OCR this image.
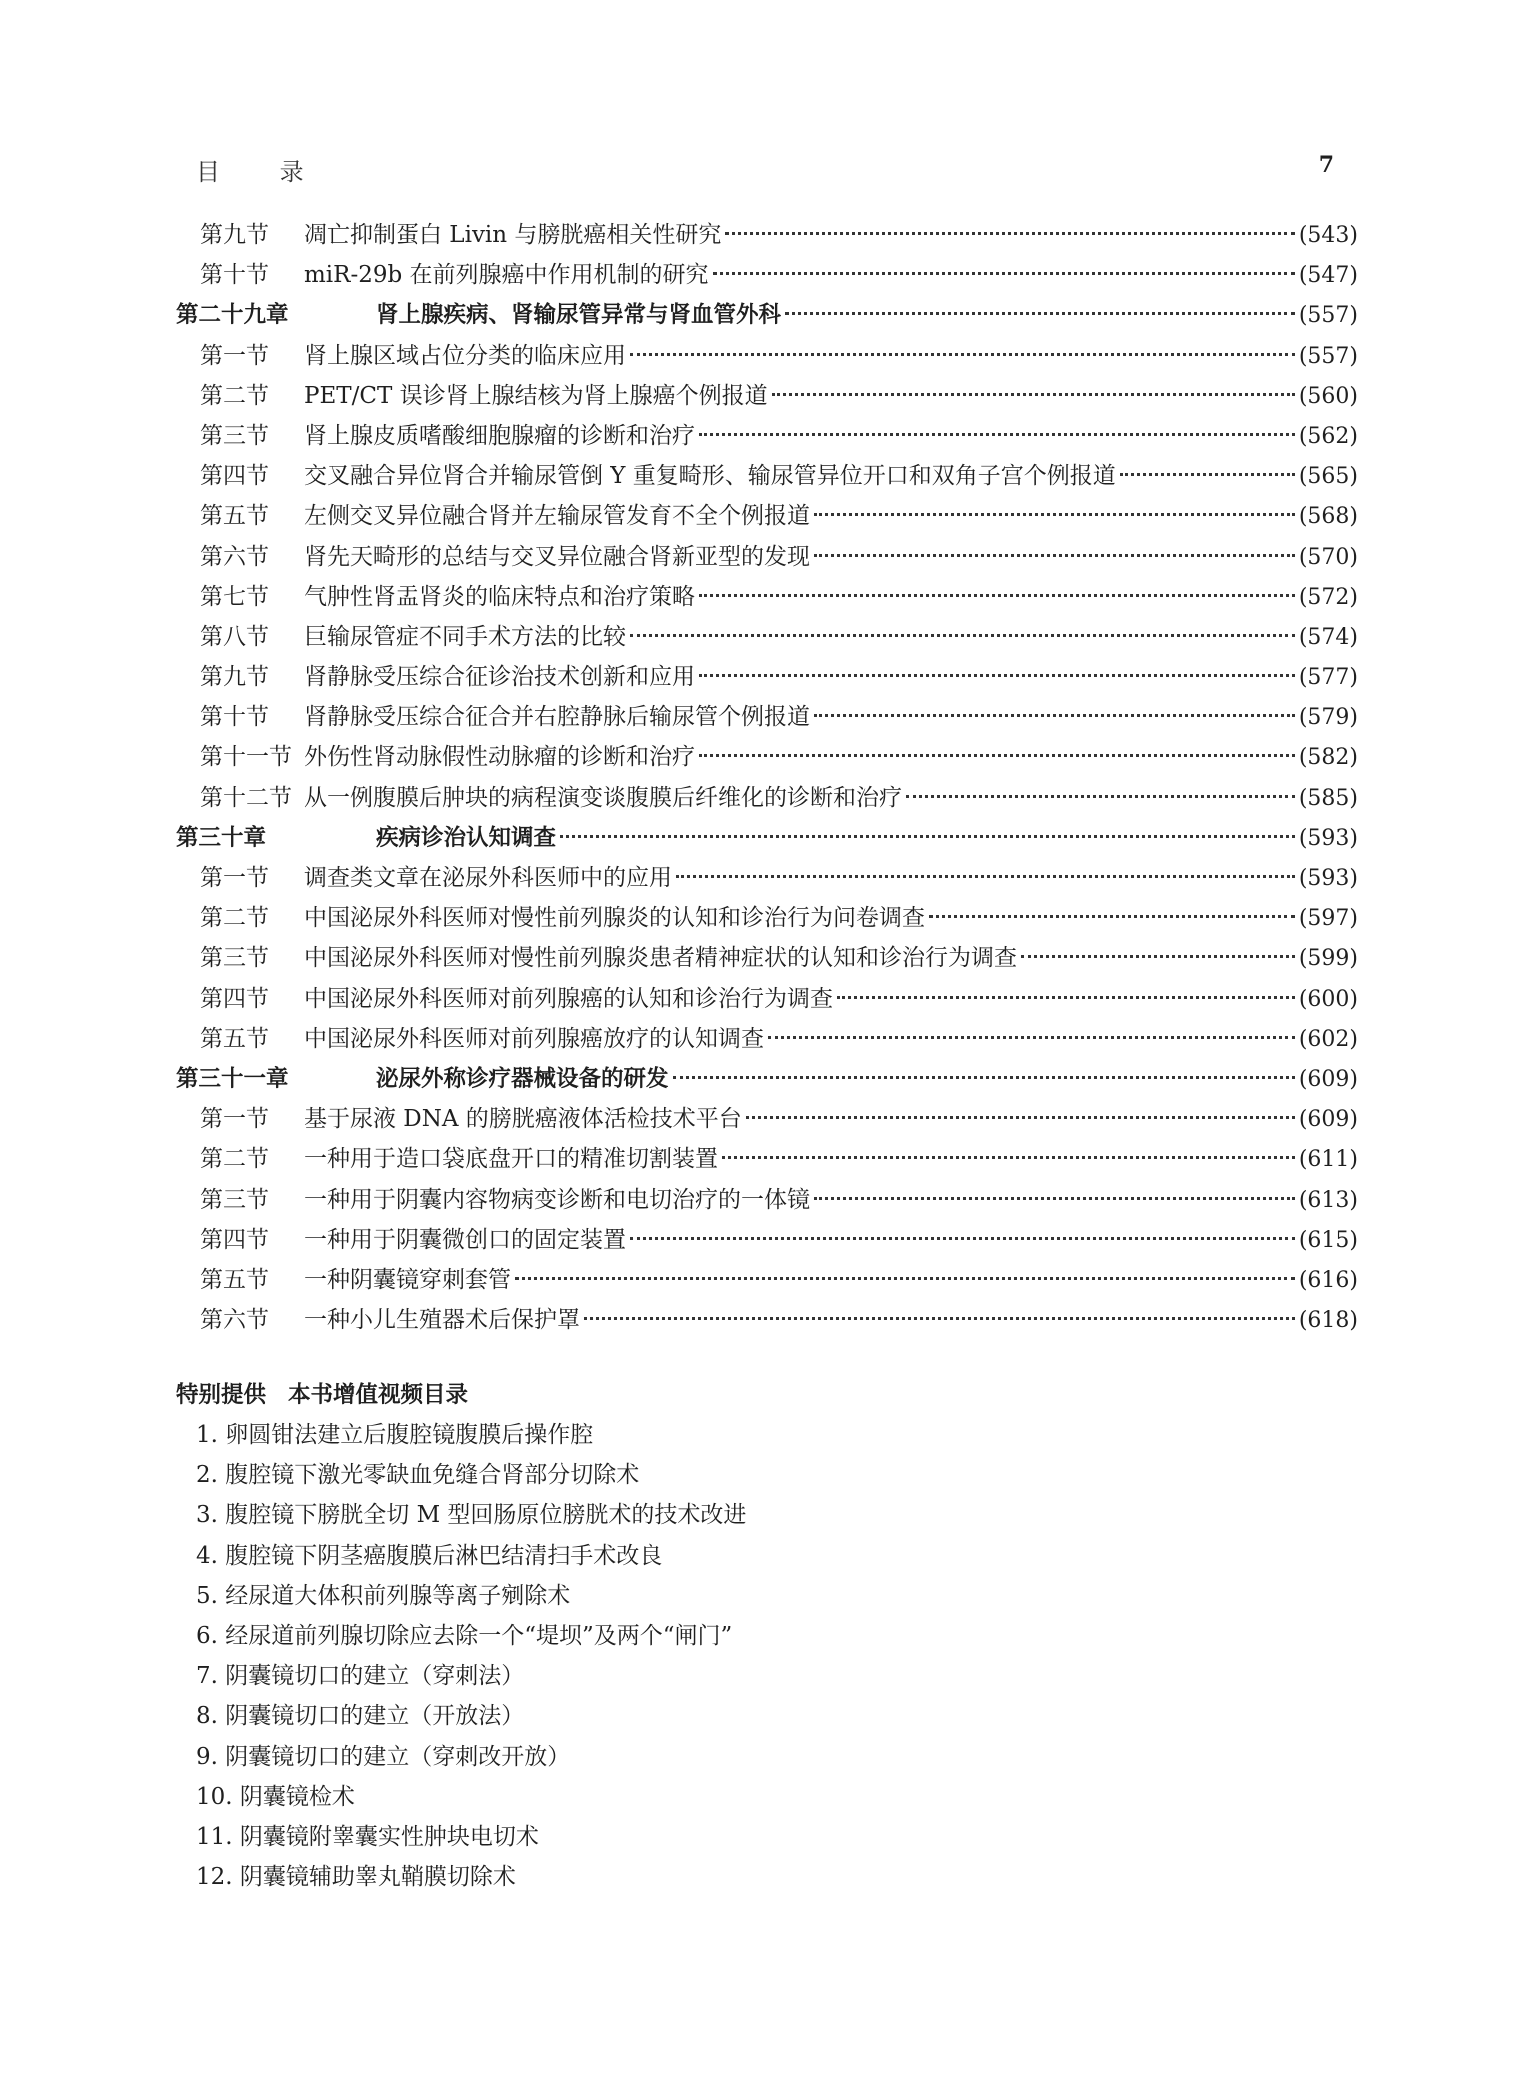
目 录	7
第九节	凋亡抑制蛋白 Livin 与膀胱癌相关性研究	(543)
第十节	miR-29b 在前列腺癌中作用机制的研究	(547)
第二十九章	肾上腺疾病、肾输尿管异常与肾血管外科	(557)
第一节	肾上腺区域占位分类的临床应用	(557)
第二节	PET/CT 误诊肾上腺结核为肾上腺癌个例报道	(560)
第三节	肾上腺皮质嗜酸细胞腺瘤的诊断和治疗	(562)
第四节	交叉融合异位肾合并输尿管倒 Y 重复畸形、输尿管异位开口和双角子宫个例报道	(565)
第五节	左侧交叉异位融合肾并左输尿管发育不全个例报道	(568)
第六节	肾先天畸形的总结与交叉异位融合肾新亚型的发现	(570)
第七节	气肿性肾盂肾炎的临床特点和治疗策略	(572)
第八节	巨输尿管症不同手术方法的比较	(574)
第九节	肾静脉受压综合征诊治技术创新和应用	(577)
第十节	肾静脉受压综合征合并右腔静脉后输尿管个例报道	(579)
第十一节 外伤性肾动脉假性动脉瘤的诊断和治疗	(582)
第十二节 从一例腹膜后肿块的病程演变谈腹膜后纤维化的诊断和治疗	(585)
第三十章	疾病诊治认知调查	(593)
第一节	调查类文章在泌尿外科医师中的应用	(593)
第二节	中国泌尿外科医师对慢性前列腺炎的认知和诊治行为问卷调查	(597)
第三节	中国泌尿外科医师对慢性前列腺炎患者精神症状的认知和诊治行为调查	(599)
第四节	中国泌尿外科医师对前列腺癌的认知和诊治行为调查	(600)
第五节	中国泌尿外科医师对前列腺癌放疗的认知调查	(602)
第三十一章	泌尿外称诊疗器械设备的研发	(609)
第一节	基于尿液 DNA 的膀胱癌液体活检技术平台	(609)
第二节	一种用于造口袋底盘开口的精准切割装置	(611)
第三节	一种用于阴囊内容物病变诊断和电切治疗的一体镜	(613)
第四节	一种用于阴囊微创口的固定装置	(615)
第五节	一种阴囊镜穿刺套管	(616)
第六节	一种小儿生殖器术后保护罩	(618)
特别提供 本书增值视频目录
1. 卵圆钳法建立后腹腔镜腹膜后操作腔
2. 腹腔镜下激光零缺血免缝合肾部分切除术
3. 腹腔镜下膀胱全切 M 型回肠原位膀胱术的技术改进
4. 腹腔镜下阴茎癌腹膜后淋巴结清扫手术改良
5. 经尿道大体积前列腺等离子剜除术
6. 经尿道前列腺切除应去除一个“堤坝”及两个“闸门”
7. 阴囊镜切口的建立（穿刺法）
8. 阴囊镜切口的建立（开放法）
9. 阴囊镜切口的建立（穿刺改开放）
10. 阴囊镜检术
11. 阴囊镜附睾囊实性肿块电切术
12. 阴囊镜辅助睾丸鞘膜切除术
